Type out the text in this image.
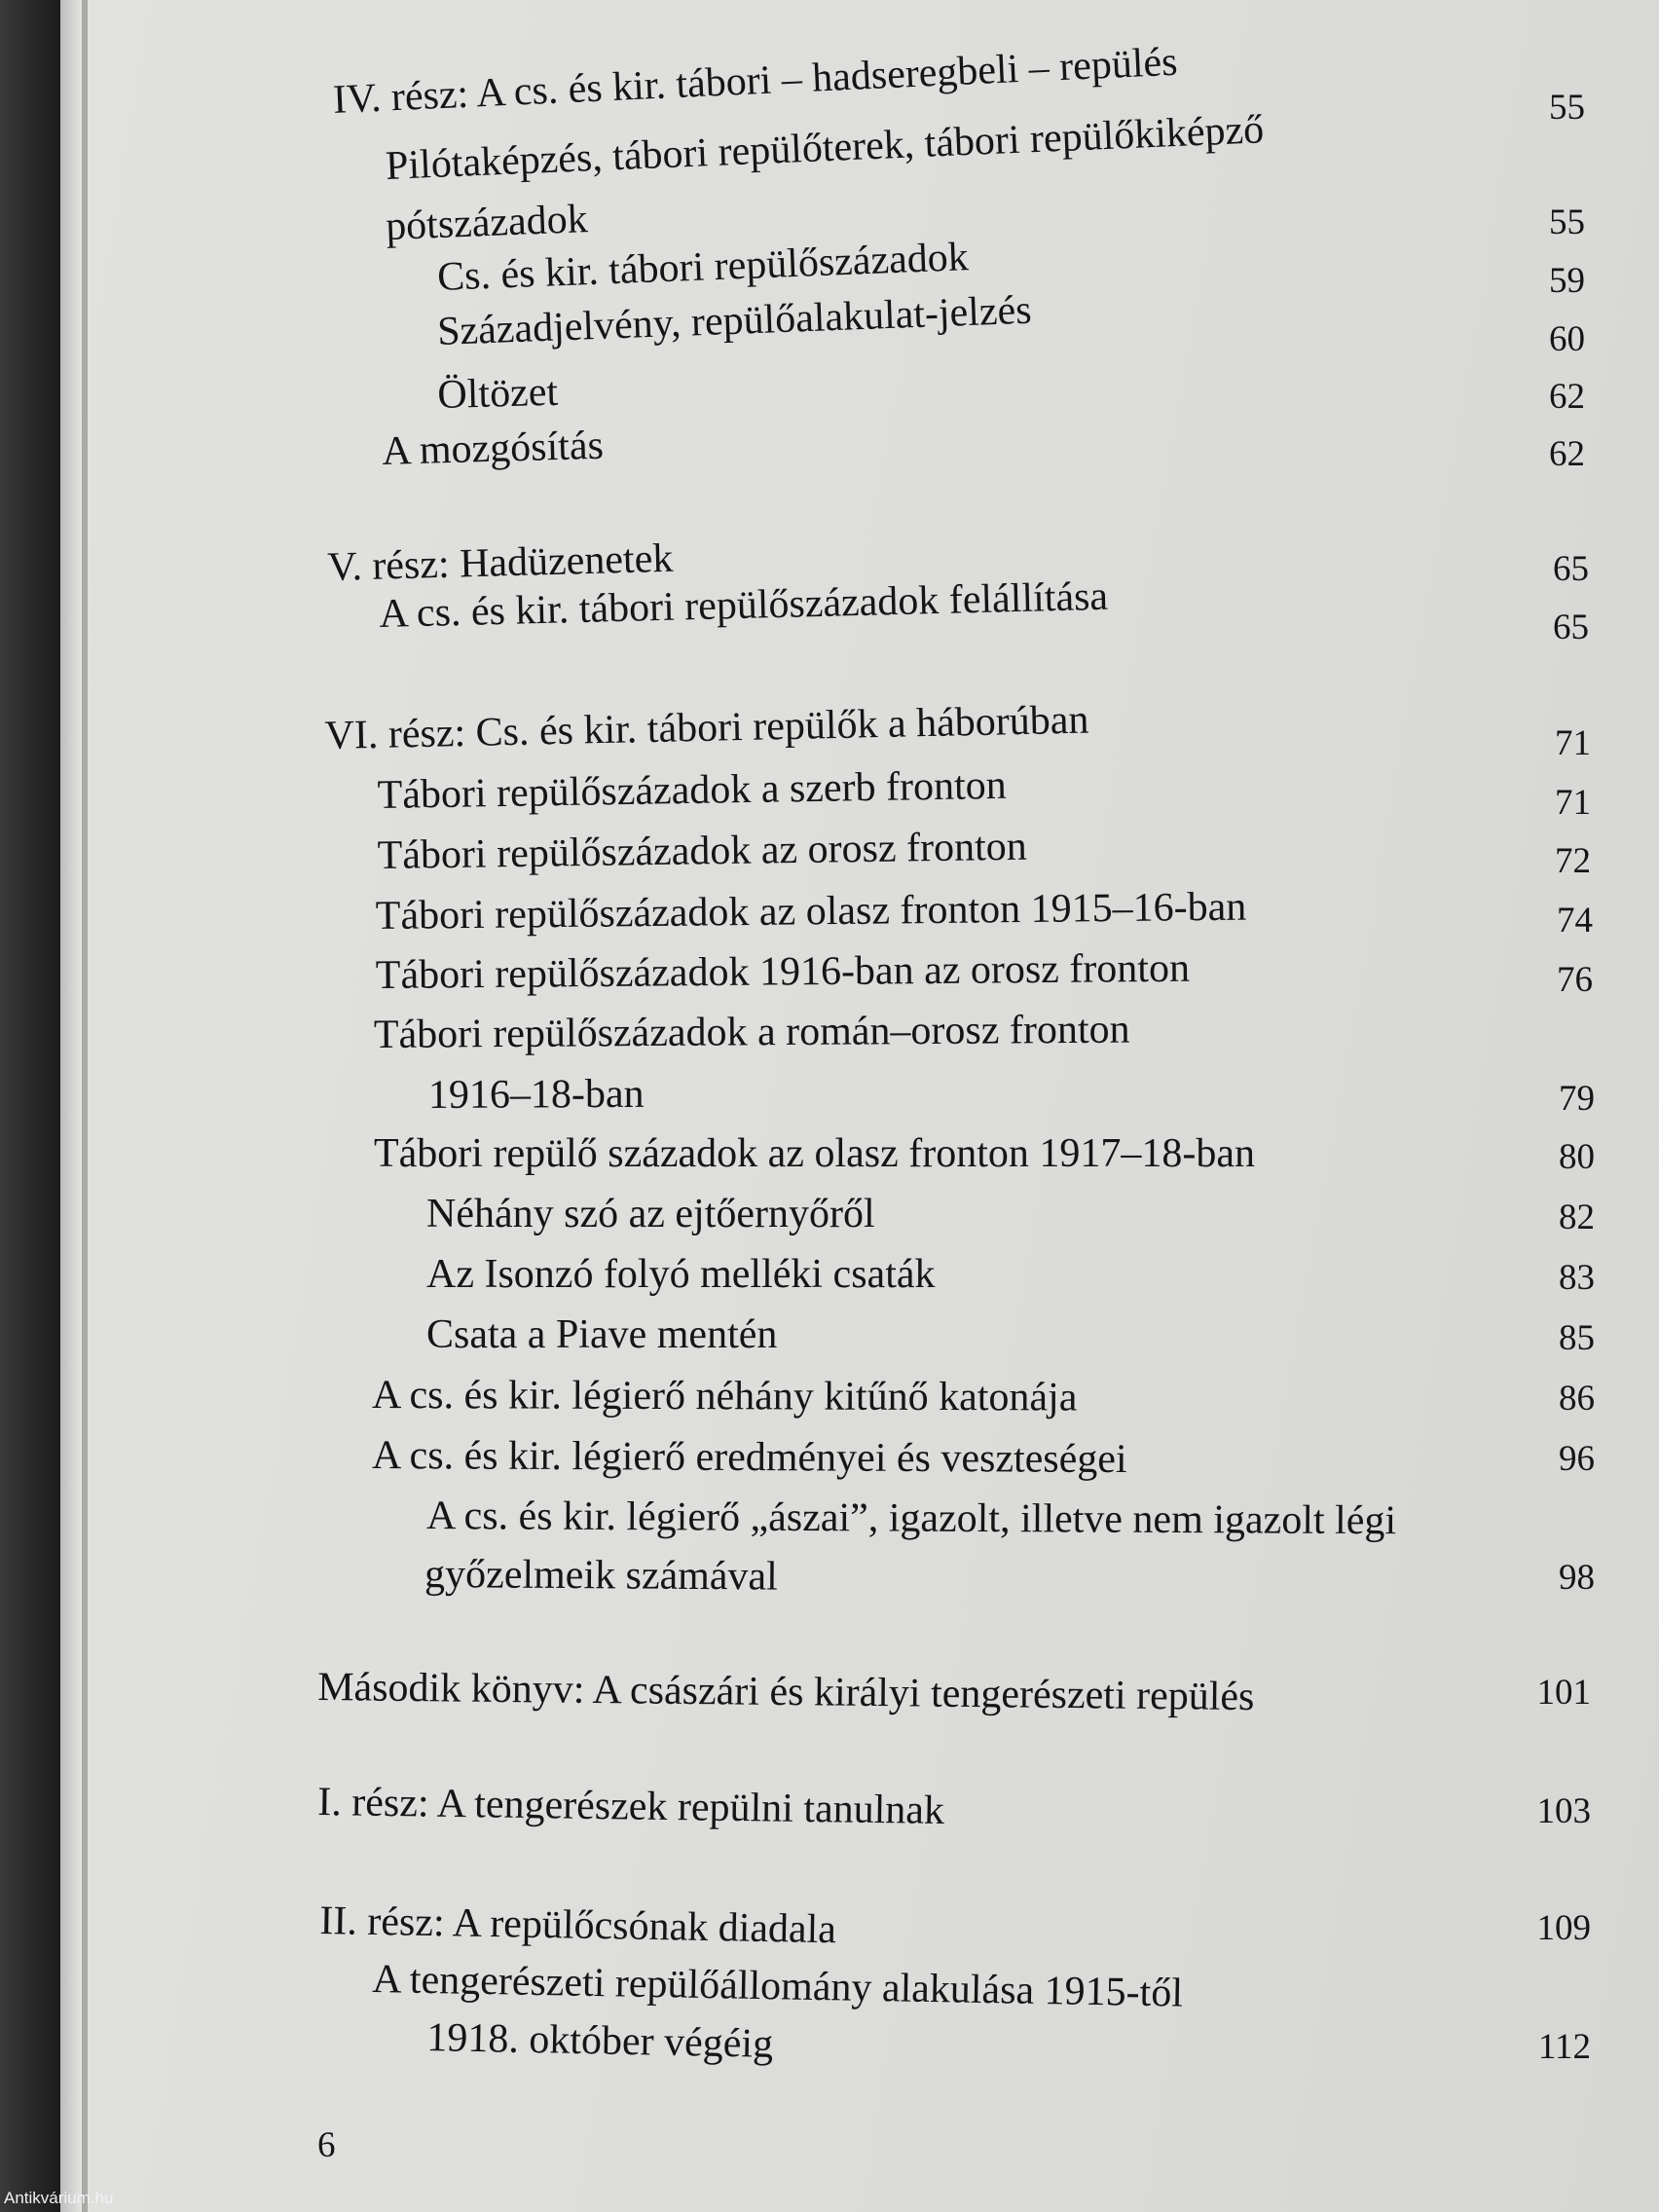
IV. rész: A cs. és kir. tábori – hadseregbeli – repülés	55
Pilótaképzés, tábori repülőterek, tábori repülőkiképző
pótszázadok	55
Cs. és kir. tábori repülőszázadok	59
Századjelvény, repülőalakulat-jelzés	60
Öltözet	62
A mozgósítás	62
V. rész: Hadüzenetek	65
A cs. és kir. tábori repülőszázadok felállítása	65
VI. rész: Cs. és kir. tábori repülők a háborúban	71
Tábori repülőszázadok a szerb fronton	71
Tábori repülőszázadok az orosz fronton	72
Tábori repülőszázadok az olasz fronton 1915–16-ban	74
Tábori repülőszázadok 1916-ban az orosz fronton	76
Tábori repülőszázadok a román–orosz fronton
1916–18-ban	79
Tábori repülő századok az olasz fronton 1917–18-ban	80
Néhány szó az ejtőernyőről	82
Az Isonzó folyó melléki csaták	83
Csata a Piave mentén	85
A cs. és kir. légierő néhány kitűnő katonája	86
A cs. és kir. légierő eredményei és veszteségei	96
A cs. és kir. légierő „ászai”, igazolt, illetve nem igazolt légi
győzelmeik számával	98
Második könyv: A császári és királyi tengerészeti repülés	101
I. rész: A tengerészek repülni tanulnak	103
II. rész: A repülőcsónak diadala	109
A tengerészeti repülőállomány alakulása 1915-től
1918. október végéig	112
6
Antikvárium.hu
